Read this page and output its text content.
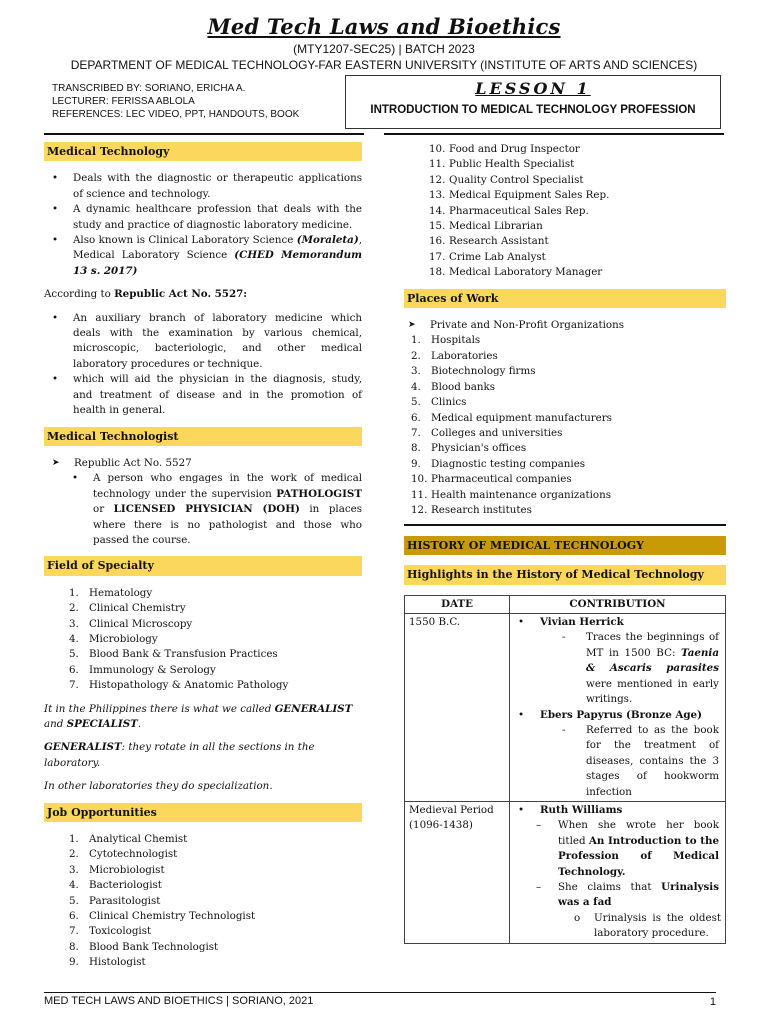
Med Tech Laws and Bioethics
(MTY1207-SEC25) | BATCH 2023
DEPARTMENT OF MEDICAL TECHNOLOGY-FAR EASTERN UNIVERSITY (INSTITUTE OF ARTS AND SCIENCES)
TRANSCRIBED BY: SORIANO, ERICHA A.
LECTURER: FERISSA ABLOLA
REFERENCES: LEC VIDEO, PPT, HANDOUTS, BOOK
LESSON 1
INTRODUCTION TO MEDICAL TECHNOLOGY PROFESSION
Medical Technology
• Deals with the diagnostic or therapeutic applications of science and technology.
• A dynamic healthcare profession that deals with the study and practice of diagnostic laboratory medicine.
• Also known is Clinical Laboratory Science (Moraleta), Medical Laboratory Science (CHED Memorandum 13 s. 2017)

According to Republic Act No. 5527:

• An auxiliary branch of laboratory medicine which deals with the examination by various chemical, microscopic, bacteriologic, and other medical laboratory procedures or technique.
• which will aid the physician in the diagnosis, study, and treatment of disease and in the promotion of health in general.
Medical Technologist
➤ Republic Act No. 5527
• A person who engages in the work of medical technology under the supervision PATHOLOGIST or LICENSED PHYSICIAN (DOH) in places where there is no pathologist and those who passed the course.
Field of Specialty
1. Hematology
2. Clinical Chemistry
3. Clinical Microscopy
4. Microbiology
5. Blood Bank & Transfusion Practices
6. Immunology & Serology
7. Histopathology & Anatomic Pathology

It in the Philippines there is what we called GENERALIST and SPECIALIST.

GENERALIST: they rotate in all the sections in the laboratory.

In other laboratories they do specialization.

Job Opportunities
1. Analytical Chemist
2. Cytotechnologist
3. Microbiologist
4. Bacteriologist
5. Parasitologist
6. Clinical Chemistry Technologist
7. Toxicologist
8. Blood Bank Technologist
9. Histologist
10. Food and Drug Inspector
11. Public Health Specialist
12. Quality Control Specialist
13. Medical Equipment Sales Rep.
14. Pharmaceutical Sales Rep.
15. Medical Librarian
16. Research Assistant
17. Crime Lab Analyst
18. Medical Laboratory Manager
Places of Work
➤ Private and Non-Profit Organizations
1. Hospitals
2. Laboratories
3. Biotechnology firms
4. Blood banks
5. Clinics
6. Medical equipment manufacturers
7. Colleges and universities
8. Physician's offices
9. Diagnostic testing companies
10. Pharmaceutical companies
11. Health maintenance organizations
12. Research institutes
HISTORY OF MEDICAL TECHNOLOGY
Highlights in the History of Medical Technology
DATE	CONTRIBUTION
1550 B.C.	• Vivian Herrick
- Traces the beginnings of MT in 1500 BC: Taenia & Ascaris parasites were mentioned in early writings.
• Ebers Papyrus (Bronze Age)
- Referred to as the book for the treatment of diseases, contains the 3 stages of hookworm infection

Medieval Period (1096-1438)	• Ruth Williams
– When she wrote her book titled An Introduction to the Profession of Medical Technology.
– She claims that Urinalysis was a fad
o Urinalysis is the oldest laboratory procedure.
MED TECH LAWS AND BIOETHICS | SORIANO, 2021	1
